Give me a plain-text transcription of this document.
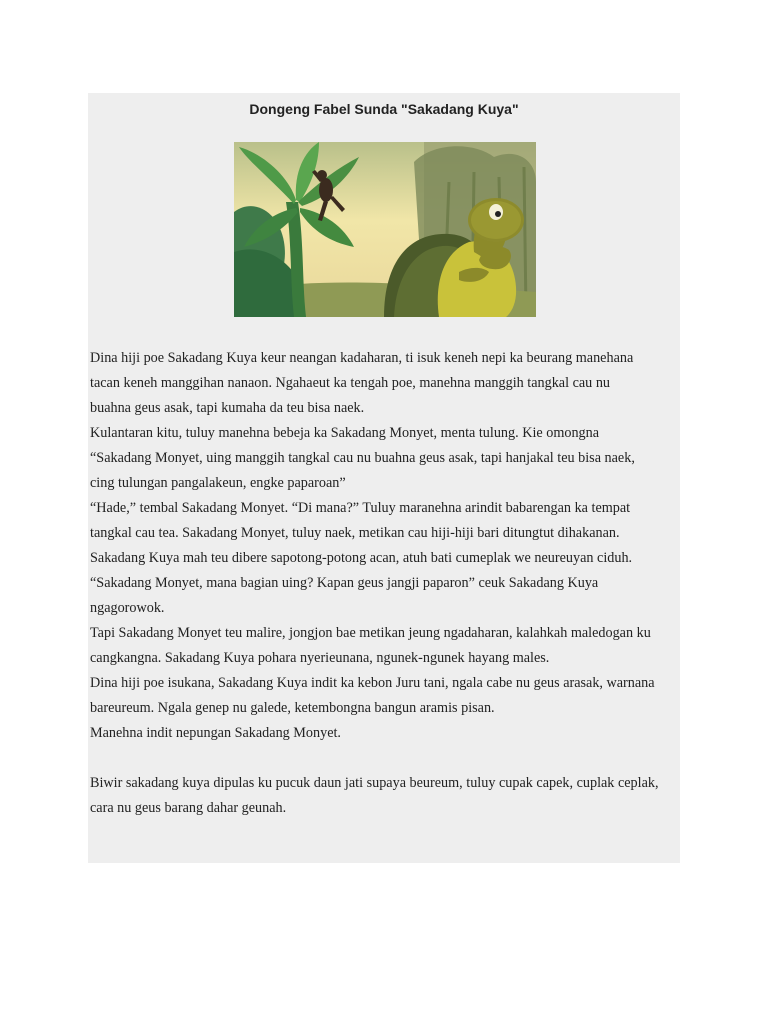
Dongeng Fabel Sunda "Sakadang Kuya"

Dina hiji poe Sakadang Kuya keur neangan kadaharan, ti isuk keneh nepi ka beurang manehana

tacan keneh manggihan nanaon. Ngahaeut ka tengah poe, manehna manggih tangkal cau nu

buahna geus asak, tapi kumaha da teu bisa naek.

Kulantaran kitu, tuluy manehna bebeja ka Sakadang Monyet, menta tulung. Kie omongna

“Sakadang Monyet, uing manggih tangkal cau nu buahna geus asak, tapi hanjakal teu bisa naek,

cing tulungan pangalakeun, engke paparoan”

“Hade,” tembal Sakadang Monyet. “Di mana?” Tuluy maranehna arindit babarengan ka tempat

tangkal cau tea. Sakadang Monyet, tuluy naek, metikan cau hiji-hiji bari ditungtut dihakanan.

Sakadang Kuya mah teu dibere sapotong-potong acan, atuh bati cumeplak we neureuyan ciduh.

“Sakadang Monyet, mana bagian uing? Kapan geus jangji paparon” ceuk Sakadang Kuya

ngagorowok.

Tapi Sakadang Monyet teu malire, jongjon bae metikan jeung ngadaharan, kalahkah maledogan ku

cangkangna. Sakadang Kuya pohara nyerieunana, ngunek-ngunek hayang males.

Dina hiji poe isukana, Sakadang Kuya indit ka kebon Juru tani, ngala cabe nu geus arasak, warnana

bareureum. Ngala genep nu galede, ketembongna bangun aramis pisan.

Manehna indit nepungan Sakadang Monyet.

Biwir sakadang kuya dipulas ku pucuk daun jati supaya beureum, tuluy cupak capek, cuplak ceplak,

cara nu geus barang dahar geunah.
